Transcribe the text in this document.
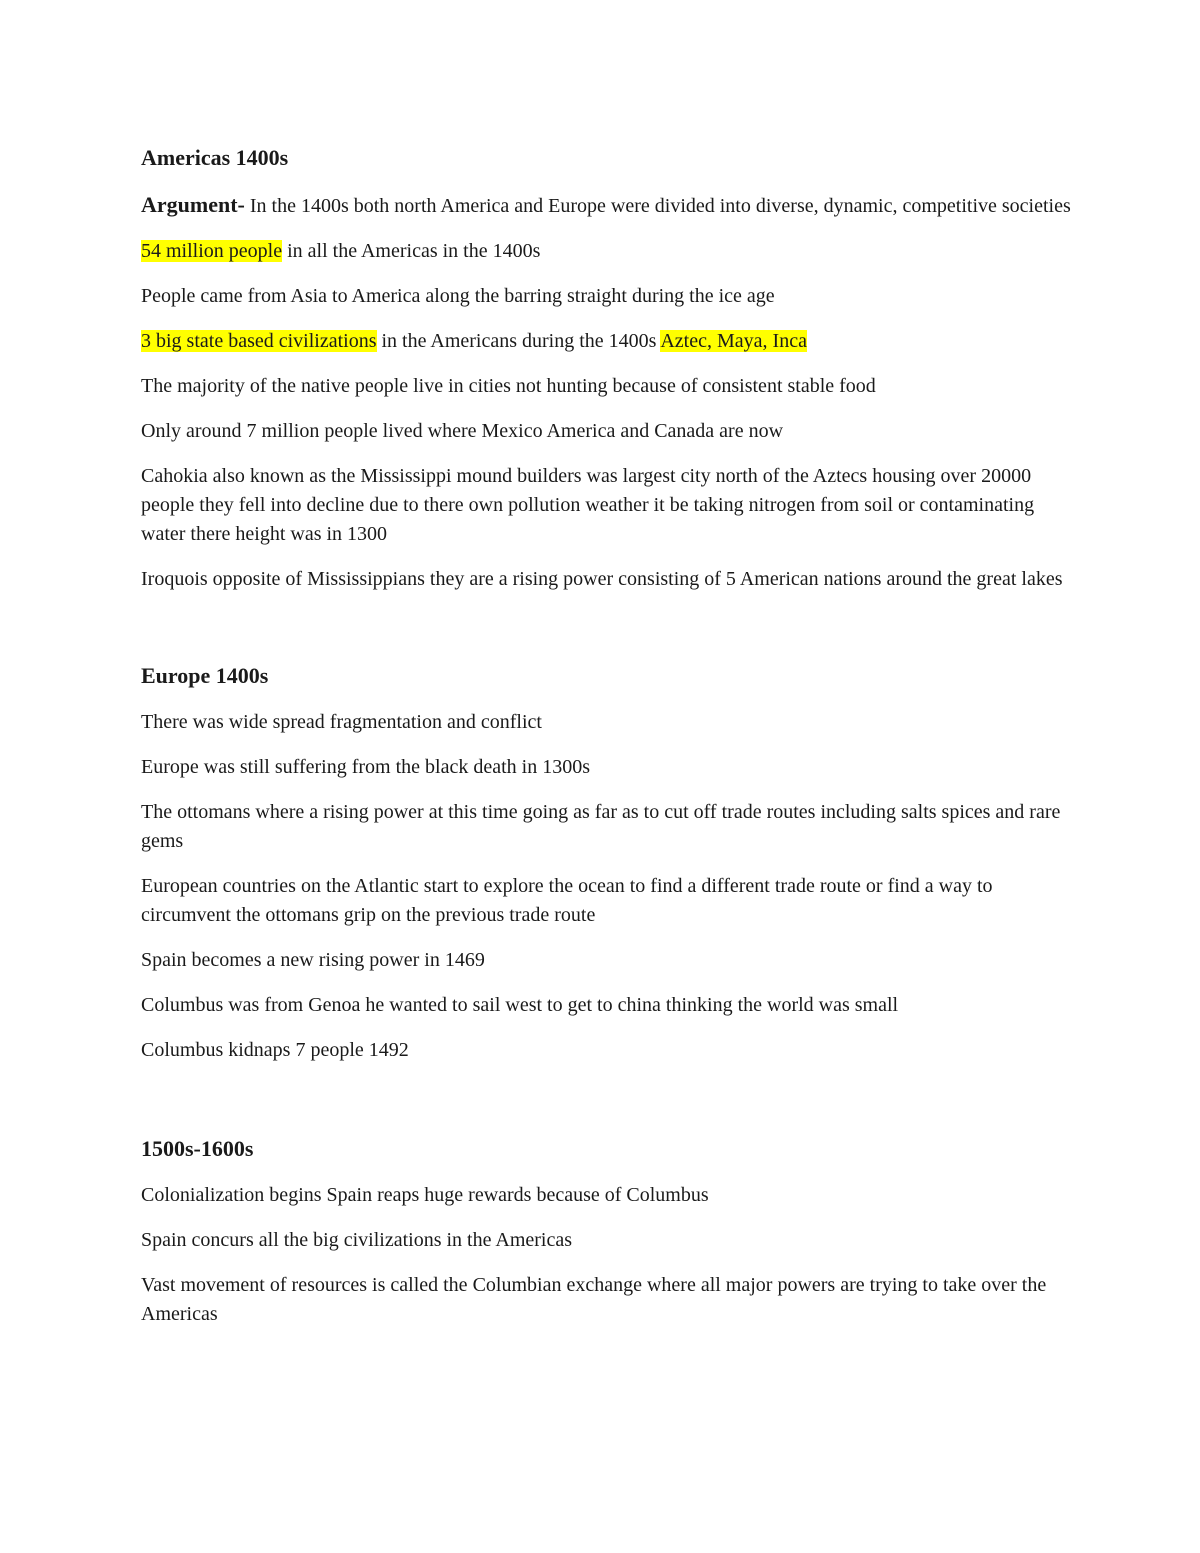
Americas 1400s

Argument- In the 1400s both north America and Europe were divided into diverse, dynamic, competitive societies

54 million people in all the Americas in the 1400s

People came from Asia to America along the barring straight during the ice age

3 big state based civilizations in the Americans during the 1400s Aztec, Maya, Inca

The majority of the native people live in cities not hunting because of consistent stable food

Only around 7 million people lived where Mexico America and Canada are now

Cahokia also known as the Mississippi mound builders was largest city north of the Aztecs housing over 20000 people they fell into decline due to there own pollution weather it be taking nitrogen from soil or contaminating water there height was in 1300

Iroquois opposite of Mississippians they are a rising power consisting of 5 American nations around the great lakes

Europe 1400s

There was wide spread fragmentation and conflict

Europe was still suffering from the black death in 1300s

The ottomans where a rising power at this time going as far as to cut off trade routes including salts spices and rare gems

European countries on the Atlantic start to explore the ocean to find a different trade route or find a way to circumvent the ottomans grip on the previous trade route

Spain becomes a new rising power in 1469

Columbus was from Genoa he wanted to sail west to get to china thinking the world was small

Columbus kidnaps 7 people 1492

1500s-1600s

Colonialization begins Spain reaps huge rewards because of Columbus

Spain concurs all the big civilizations in the Americas

Vast movement of resources is called the Columbian exchange where all major powers are trying to take over the Americas
